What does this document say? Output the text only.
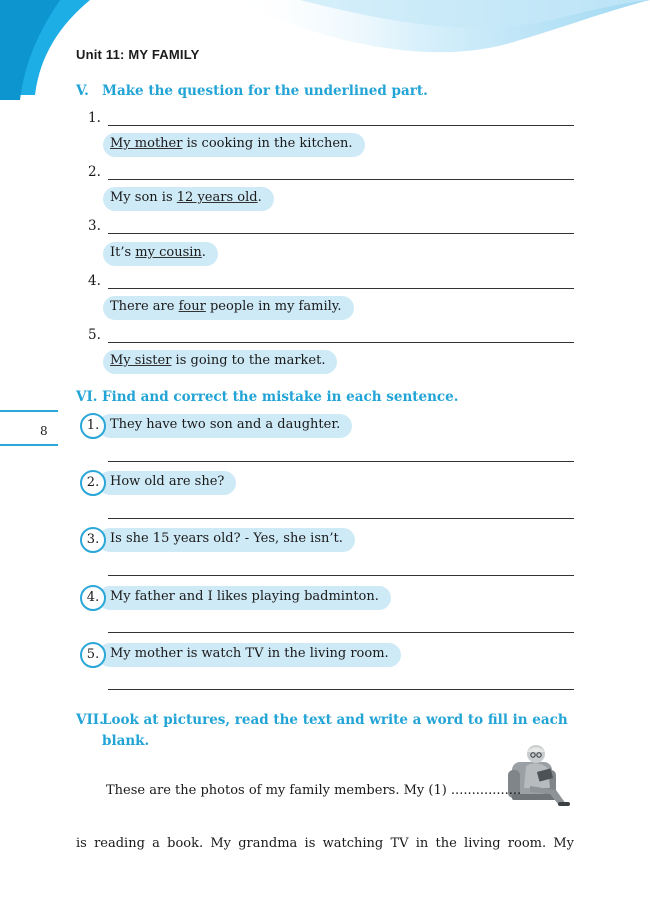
Unit 11: MY FAMILY
V. Make the question for the underlined part.
1.
My mother is cooking in the kitchen.
2.
My son is 12 years old.
3.
It’s my cousin.
4.
There are four people in my family.
5.
My sister is going to the market.
VI. Find and correct the mistake in each sentence.
8	They have two son and a daughter.
1.
How old are she?
2.
Is she 15 years old? - Yes, she isn’t.
3.
My father and I likes playing badminton.
4.
My mother is watch TV in the living room.
5.
VII.Look at pictures, read the text and write a word to fill in each
blank.
These are the photos of my family members. My (1) .................
is reading a book. My grandma is watching TV in the living room. My
